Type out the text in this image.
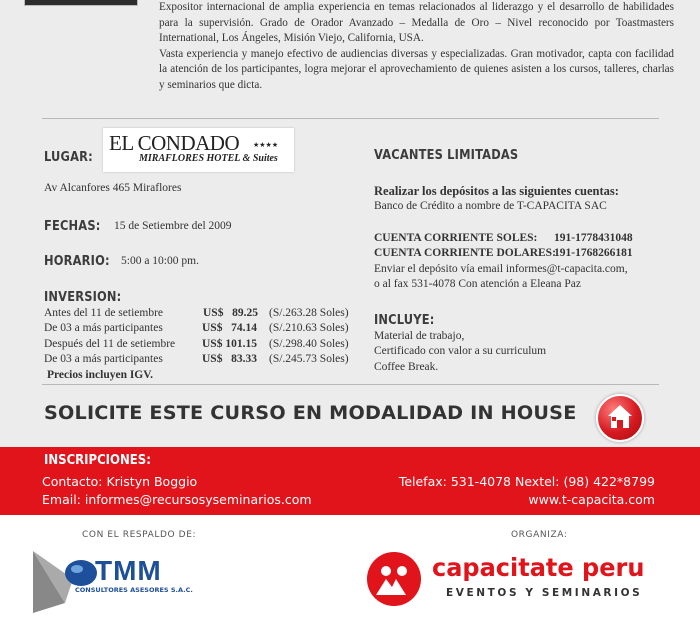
Expositor internacional de amplia experiencia en temas relacionados al liderazgo y el desarrollo de habilidades para la supervisión. Grado de Orador Avanzado – Medalla de Oro – Nivel reconocido por Toastmasters International, Los Ángeles, Misión Viejo, California, USA.

Vasta experiencia y manejo efectivo de audiencias diversas y especializadas. Gran motivador, capta con facilidad la atención de los participantes, logra mejorar el aprovechamiento de quienes asisten a los cursos, talleres, charlas y seminarios que dicta.

LUGAR:
EL CONDADO ★★★★
MIRAFLORES HOTEL & Suites
Av Alcanfores 465 Miraflores
FECHAS: 15 de Setiembre del 2009
HORARIO: 5:00 a 10:00 pm.
INVERSION:
Antes del 11 de setiembre	US$   89.25 (S/.263.28 Soles)
De 03 a más participantes	US$   74.14 (S/.210.63 Soles)
Después del 11 de setiembre US$ 101.15 (S/.298.40 Soles)
De 03 a más participantes	US$   83.33 (S/.245.73 Soles)
Precios incluyen IGV.
VACANTES LIMITADAS
Realizar los depósitos a las siguientes cuentas:
Banco de Crédito a nombre de T-CAPACITA SAC
CUENTA CORRIENTE SOLES: 191-1778431048
CUENTA CORRIENTE DOLARES:
191-1768266181
Enviar el depósito vía email informes@t-capacita.com,
o al fax 531-4078 Con atención a Eleana Paz
INCLUYE:
Material de trabajo,
Certificado con valor a su curriculum
Coffee Break.
SOLICITE ESTE CURSO EN MODALIDAD IN HOUSE
INSCRIPCIONES:
Contacto: Kristyn Boggio
Email: informes@recursosyseminarios.com
Telefax: 531-4078 Nextel: (98) 422*8799
www.t-capacita.com
CON EL RESPALDO DE:	ORGANIZA:
TMM
CONSULTORES ASESORES S.A.C.
capacitate peru
EVENTOS Y SEMINARIOS
